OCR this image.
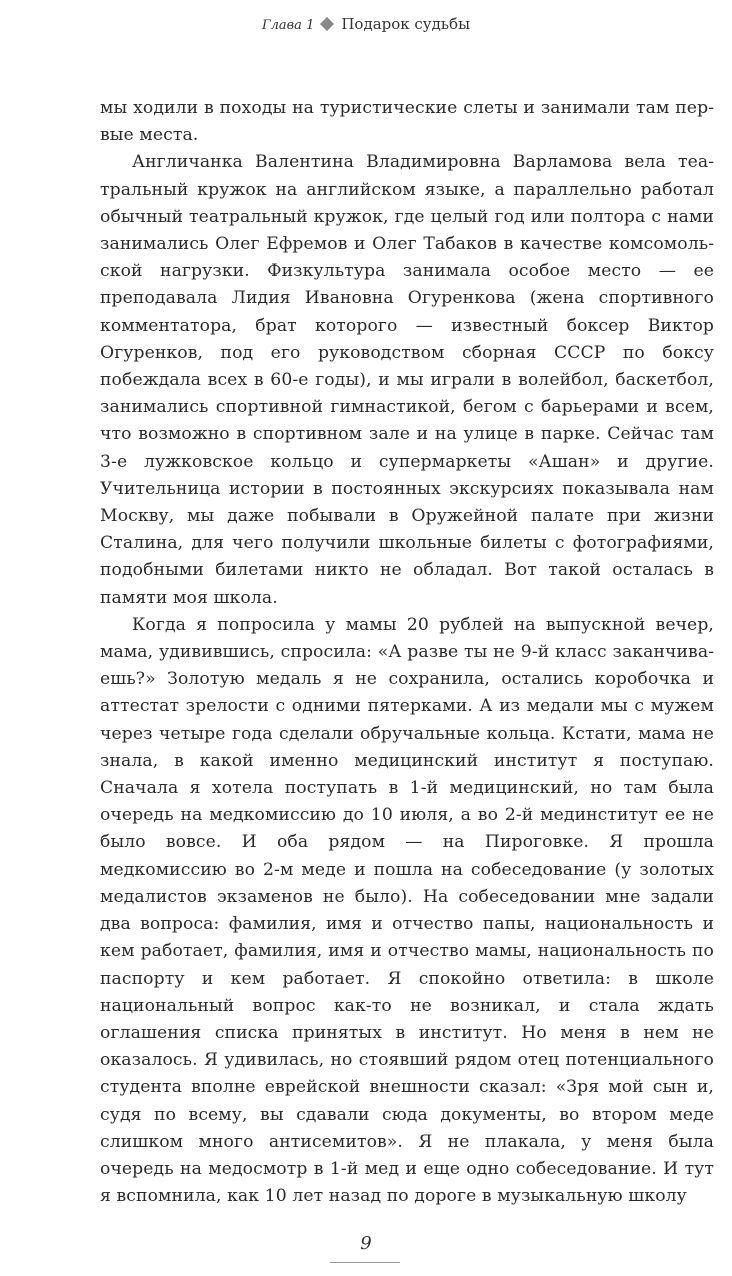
Глава 1 Подарок судьбы

мы ходили в походы на туристические слеты и занимали там первые места.

Англичанка Валентина Владимировна Варламова вела театральный кружок на английском языке, а параллельно работал обычный театральный кружок, где целый год или полтора с нами занимались Олег Ефремов и Олег Табаков в качестве комсомольской нагрузки. Физкультура занимала особое место — ее преподавала Лидия Ивановна Огуренкова (жена спортивного комментатора, брат которого — известный боксер Виктор Огуренков, под его руководством сборная СССР по боксу побеждала всех в 60-е годы), и мы играли в волейбол, баскетбол, занимались спортивной гимнастикой, бегом с барьерами и всем, что возможно в спортивном зале и на улице в парке. Сейчас там 3-е лужковское кольцо и супермаркеты «Ашан» и другие. Учительница истории в постоянных экскурсиях показывала нам Москву, мы даже побывали в Оружейной палате при жизни Сталина, для чего получили школьные билеты с фотографиями, подобными билетами никто не обладал. Вот такой осталась в памяти моя школа.

Когда я попросила у мамы 20 рублей на выпускной вечер, мама, удивившись, спросила: «А разве ты не 9-й класс заканчиваешь?» Золотую медаль я не сохранила, остались коробочка и аттестат зрелости с одними пятерками. А из медали мы с мужем через четыре года сделали обручальные кольца. Кстати, мама не знала, в какой именно медицинский институт я поступаю. Сначала я хотела поступать в 1-й медицинский, но там была очередь на медкомиссию до 10 июля, а во 2-й мединститут ее не было вовсе. И оба рядом — на Пироговке. Я прошла медкомиссию во 2-м меде и пошла на собеседование (у золотых медалистов экзаменов не было). На собеседовании мне задали два вопроса: фамилия, имя и отчество папы, национальность и кем работает, фамилия, имя и отчество мамы, национальность по паспорту и кем работает. Я спокойно ответила: в школе национальный вопрос как-то не возникал, и стала ждать оглашения списка принятых в институт. Но меня в нем не оказалось. Я удивилась, но стоявший рядом отец потенциального студента вполне еврейской внешности сказал: «Зря мой сын и, судя по всему, вы сдавали сюда документы, во втором меде слишком много антисемитов». Я не плакала, у меня была очередь на медосмотр в 1-й мед и еще одно собеседование. И тут я вспомнила, как 10 лет назад по дороге в музыкальную школу

9
